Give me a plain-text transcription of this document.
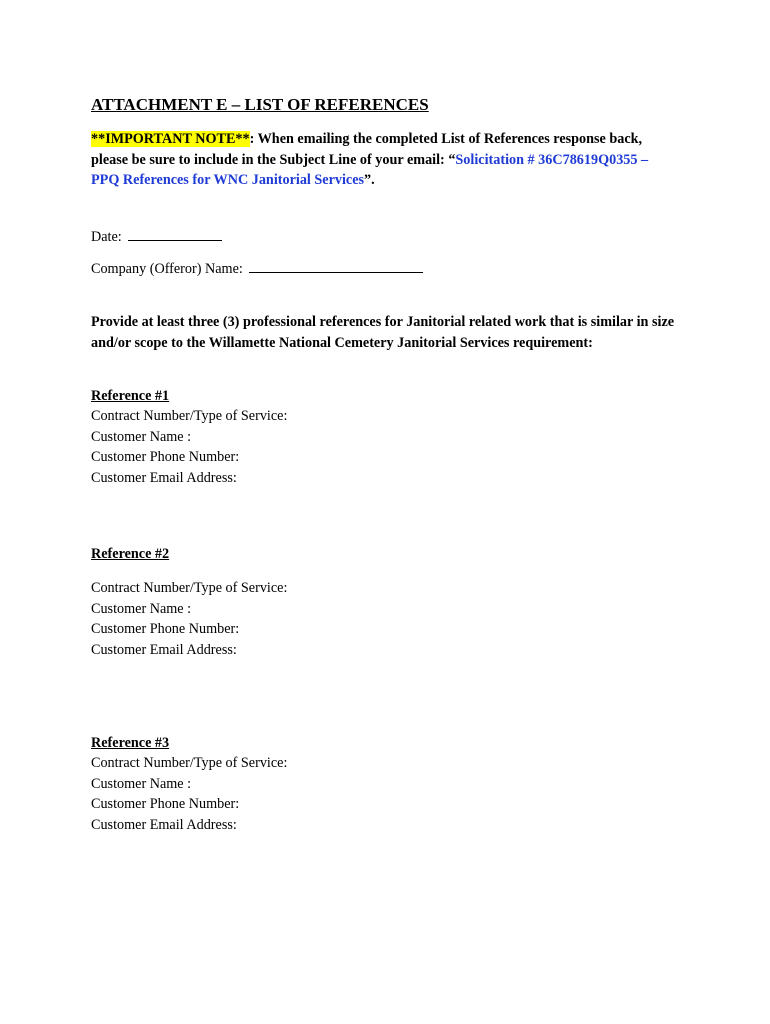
ATTACHMENT E – LIST OF REFERENCES

**IMPORTANT NOTE**: When emailing the completed List of References response back, please be sure to include in the Subject Line of your email: “Solicitation # 36C78619Q0355 – PPQ References for WNC Janitorial Services”.

Date:

Company (Offeror) Name:

Provide at least three (3) professional references for Janitorial related work that is similar in size and/or scope to the Willamette National Cemetery Janitorial Services requirement:

Reference #1

Contract Number/Type of Service:

Customer Name :

Customer Phone Number:

Customer Email Address:

Reference #2

Contract Number/Type of Service:

Customer Name :

Customer Phone Number:

Customer Email Address:

Reference #3

Contract Number/Type of Service:

Customer Name :

Customer Phone Number:

Customer Email Address:
